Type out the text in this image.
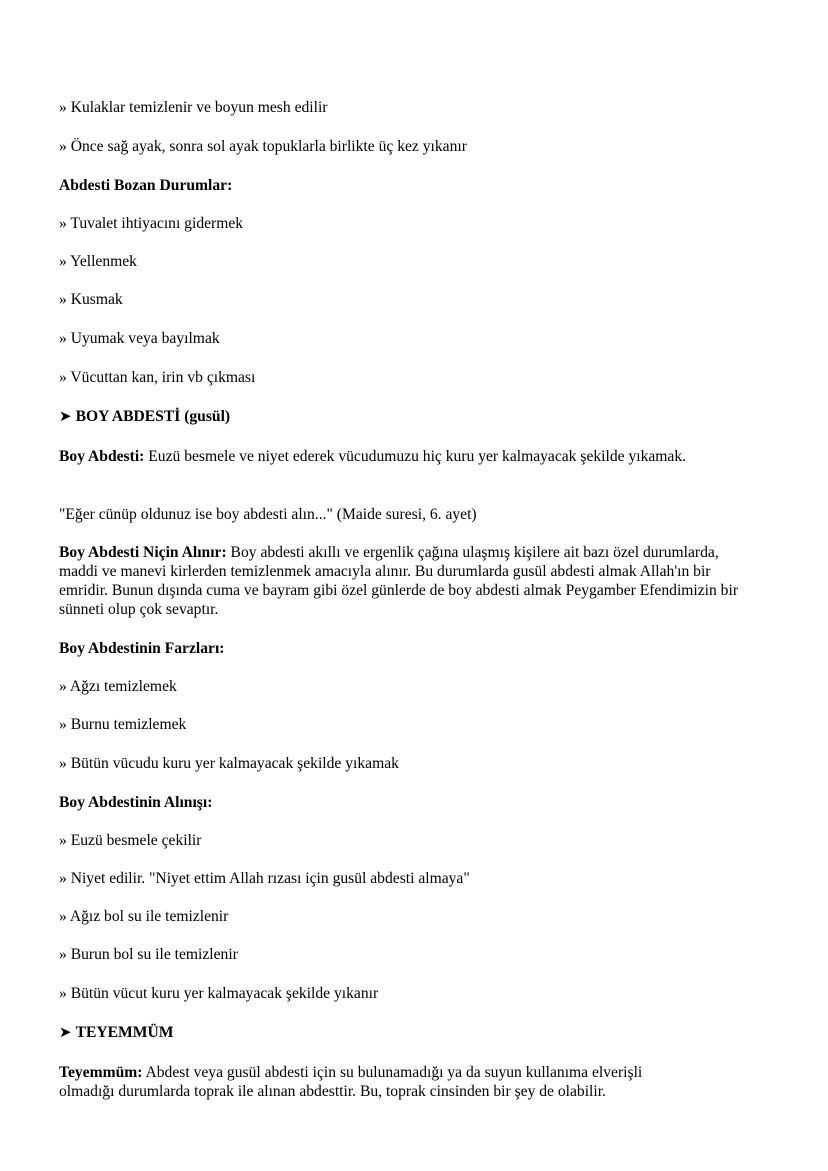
» Kulaklar temizlenir ve boyun mesh edilir

» Önce sağ ayak, sonra sol ayak topuklarla birlikte üç kez yıkanır

Abdesti Bozan Durumlar:

» Tuvalet ihtiyacını gidermek

» Yellenmek

» Kusmak

» Uyumak veya bayılmak

» Vücuttan kan, irin vb çıkması

➤ BOY ABDESTİ (gusül)

Boy Abdesti: Euzü besmele ve niyet ederek vücudumuzu hiç kuru yer kalmayacak şekilde yıkamak.

"Eğer cünüp oldunuz ise boy abdesti alın..." (Maide suresi, 6. ayet)

Boy Abdesti Niçin Alınır: Boy abdesti akıllı ve ergenlik çağına ulaşmış kişilere ait bazı özel durumlarda, maddi ve manevi kirlerden temizlenmek amacıyla alınır. Bu durumlarda gusül abdesti almak Allah'ın bir emridir. Bunun dışında cuma ve bayram gibi özel günlerde de boy abdesti almak Peygamber Efendimizin bir sünneti olup çok sevaptır.

Boy Abdestinin Farzları:

» Ağzı temizlemek

» Burnu temizlemek

» Bütün vücudu kuru yer kalmayacak şekilde yıkamak

Boy Abdestinin Alınışı:

» Euzü besmele çekilir

» Niyet edilir. "Niyet ettim Allah rızası için gusül abdesti almaya"

» Ağız bol su ile temizlenir

» Burun bol su ile temizlenir

» Bütün vücut kuru yer kalmayacak şekilde yıkanır

➤ TEYEMMÜM

Teyemmüm: Abdest veya gusül abdesti için su bulunamadığı ya da suyun kullanıma elverişli olmadığı durumlarda toprak ile alınan abdesttir. Bu, toprak cinsinden bir şey de olabilir.
